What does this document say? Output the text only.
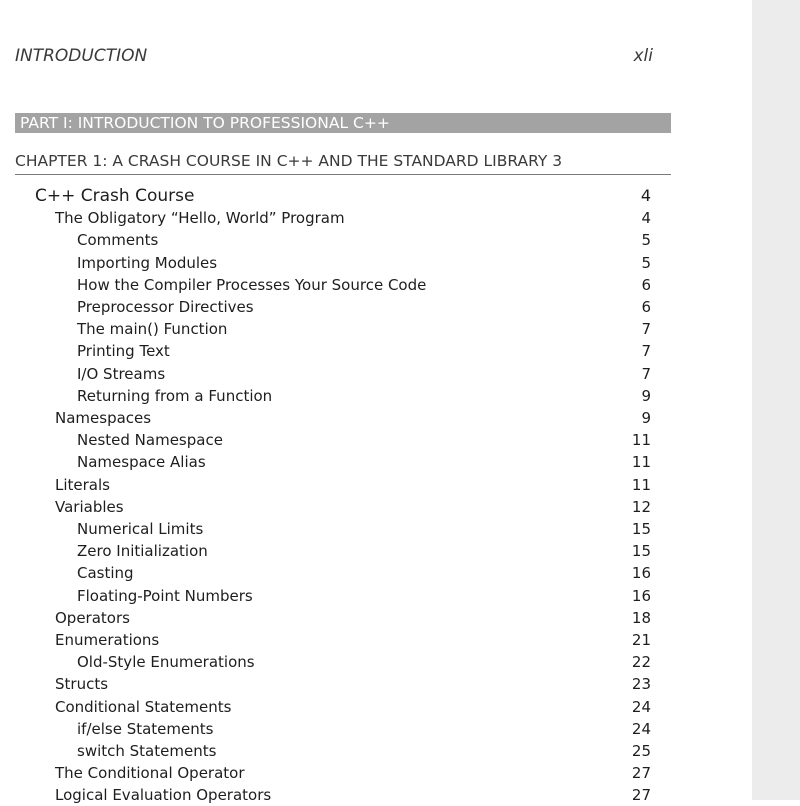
INTRODUCTION	xli
PART I: INTRODUCTION TO PROFESSIONAL C++
CHAPTER 1: A CRASH COURSE IN C++ AND THE STANDARD LIBRARY 3
C++ Crash Course	4
The Obligatory “Hello, World” Program	4
Comments	5
Importing Modules	5
How the Compiler Processes Your Source Code	6
Preprocessor Directives	6
The main() Function	7
Printing Text	7
I/O Streams	7
Returning from a Function	9
Namespaces	9
Nested Namespace	11
Namespace Alias	11
Literals	11
Variables	12
Numerical Limits	15
Zero Initialization	15
Casting	16
Floating-Point Numbers	16
Operators	18
Enumerations	21
Old-Style Enumerations	22
Structs	23
Conditional Statements	24
if/else Statements	24
switch Statements	25
The Conditional Operator	27
Logical Evaluation Operators	27
